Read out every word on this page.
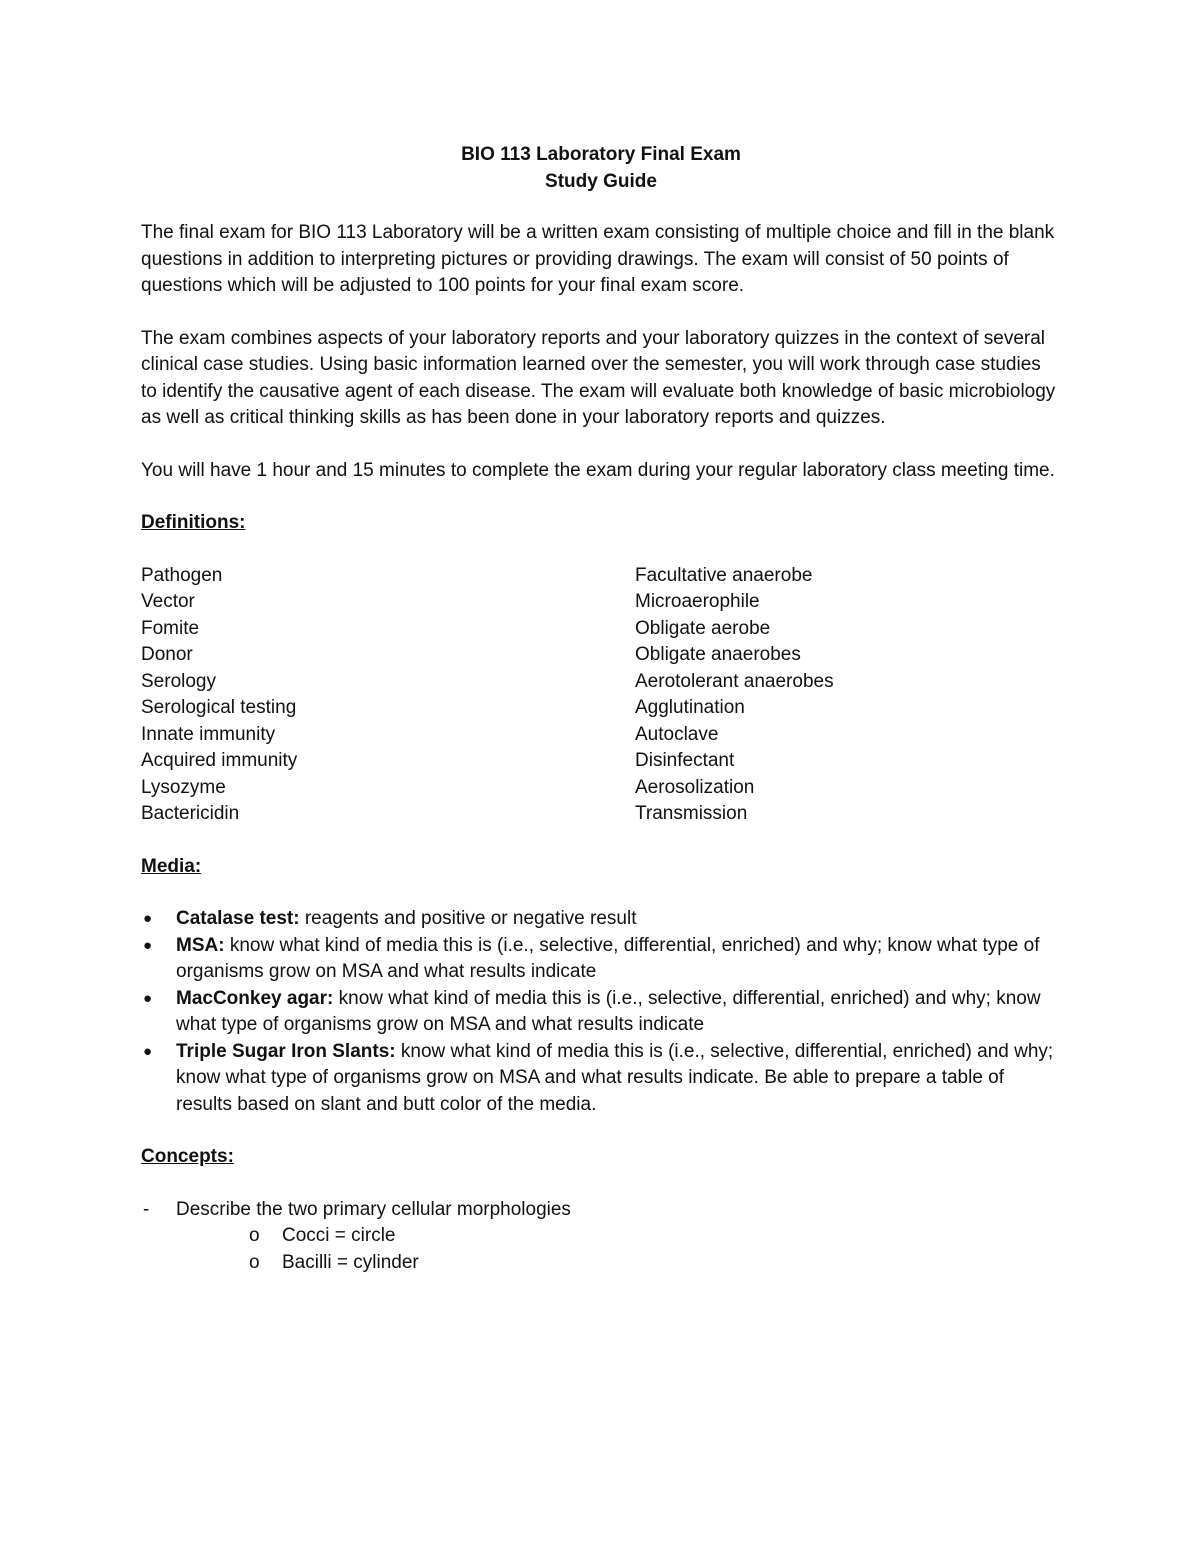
BIO 113 Laboratory Final Exam
Study Guide

The final exam for BIO 113 Laboratory will be a written exam consisting of multiple choice and fill in the blank questions in addition to interpreting pictures or providing drawings. The exam will consist of 50 points of questions which will be adjusted to 100 points for your final exam score.

The exam combines aspects of your laboratory reports and your laboratory quizzes in the context of several clinical case studies. Using basic information learned over the semester, you will work through case studies to identify the causative agent of each disease. The exam will evaluate both knowledge of basic microbiology as well as critical thinking skills as has been done in your laboratory reports and quizzes.

You will have 1 hour and 15 minutes to complete the exam during your regular laboratory class meeting time.

Definitions:
Pathogen
Vector
Fomite
Donor
Serology
Serological testing
Innate immunity
Acquired immunity
Lysozyme
Bactericidin
Facultative anaerobe
Microaerophile
Obligate aerobe
Obligate anaerobes
Aerotolerant anaerobes
Agglutination
Autoclave
Disinfectant
Aerosolization
Transmission
Media:
● Catalase test: reagents and positive or negative result
● MSA: know what kind of media this is (i.e., selective, differential, enriched) and why; know what type of organisms grow on MSA and what results indicate
● MacConkey agar: know what kind of media this is (i.e., selective, differential, enriched) and why; know what type of organisms grow on MSA and what results indicate
● Triple Sugar Iron Slants: know what kind of media this is (i.e., selective, differential, enriched) and why; know what type of organisms grow on MSA and what results indicate. Be able to prepare a table of results based on slant and butt color of the media.
Concepts:
- Describe the two primary cellular morphologies
o Cocci = circle
o Bacilli = cylinder
